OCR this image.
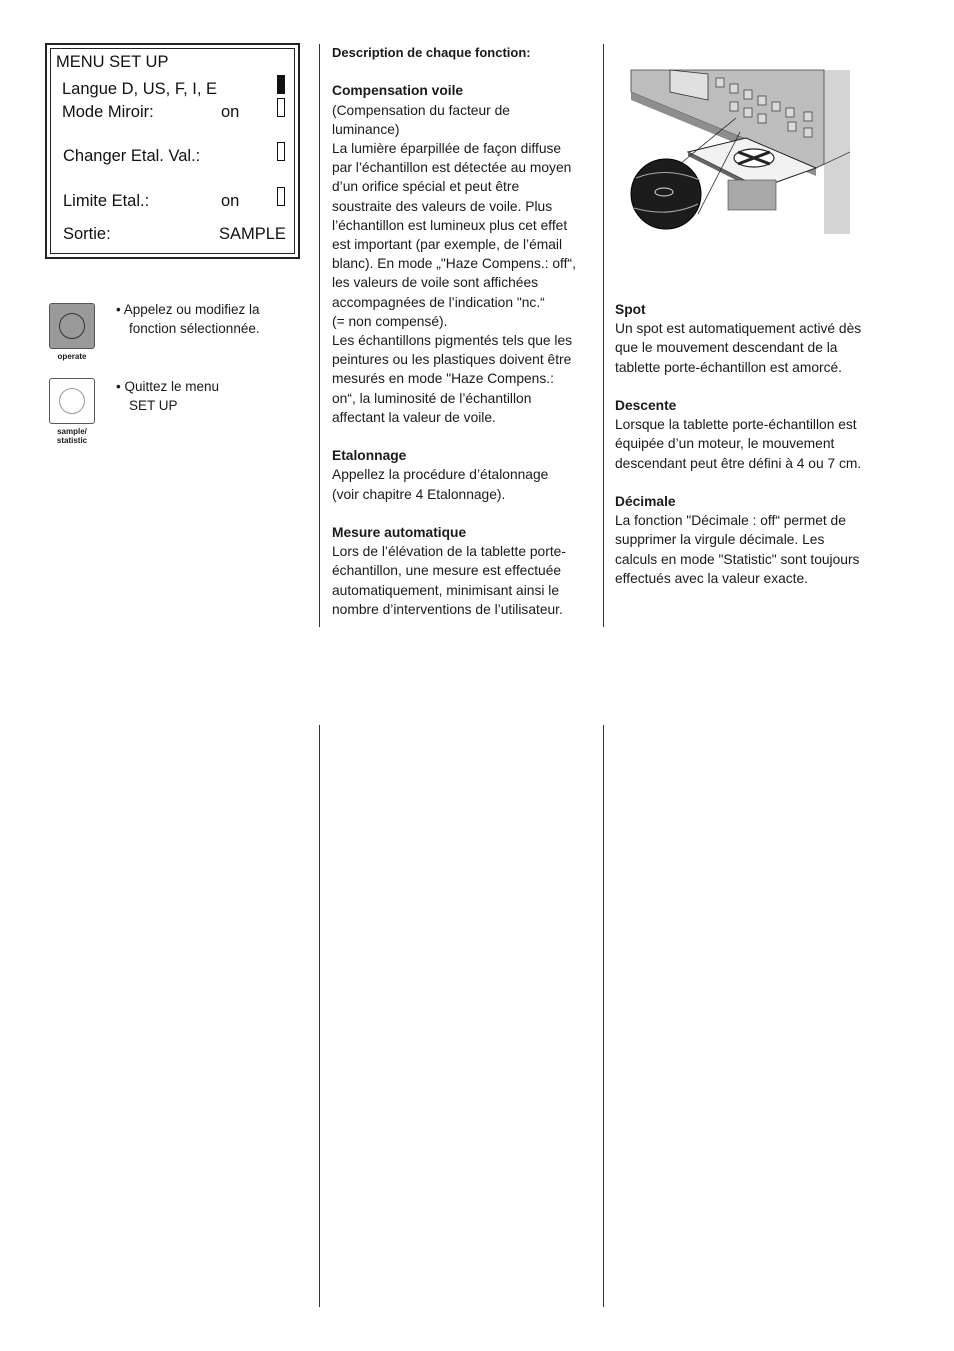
MENU SET UP
Langue D, US, F, I, E
Mode Miroir:	on
Changer Etal. Val.:
Limite Etal.:	on
Sortie:	SAMPLE
operate
• Appelez ou modifiez la
fonction sélectionnée.
sample/
statistic
• Quittez le menu
SET UP

Description de chaque fonction:

Compensation voile

(Compensation du facteur de

luminance)

La lumière éparpillée de façon diffuse

par l’échantillon est détectée au moyen

d’un orifice spécial et peut être

soustraite des valeurs de voile. Plus

l’échantillon est lumineux plus cet effet

est important (par exemple, de l’émail

blanc). En mode „"Haze Compens.: off“,

les valeurs de voile sont affichées

accompagnées de l’indication "nc.“

(= non compensé).

Les échantillons pigmentés tels que les

peintures ou les plastiques doivent être

mesurés en mode "Haze Compens.:

on“, la luminosité de l’échantillon

affectant la valeur de voile.

Etalonnage

Appellez la procédure d’étalonnage

(voir chapitre 4 Etalonnage).

Mesure automatique

Lors de l’élévation de la tablette porte-

échantillon, une mesure est effectuée

automatiquement, minimisant ainsi le

nombre d’interventions de l’utilisateur.

Spot

Un spot est automatiquement activé dès

que le mouvement descendant de la

tablette porte-échantillon est amorcé.

Descente

Lorsque la tablette porte-échantillon est

équipée d’un moteur, le mouvement

descendant peut être défini à 4 ou 7 cm.

Décimale

La fonction "Décimale : off“ permet de

supprimer la virgule décimale. Les

calculs en mode "Statistic" sont toujours

effectués avec la valeur exacte.
